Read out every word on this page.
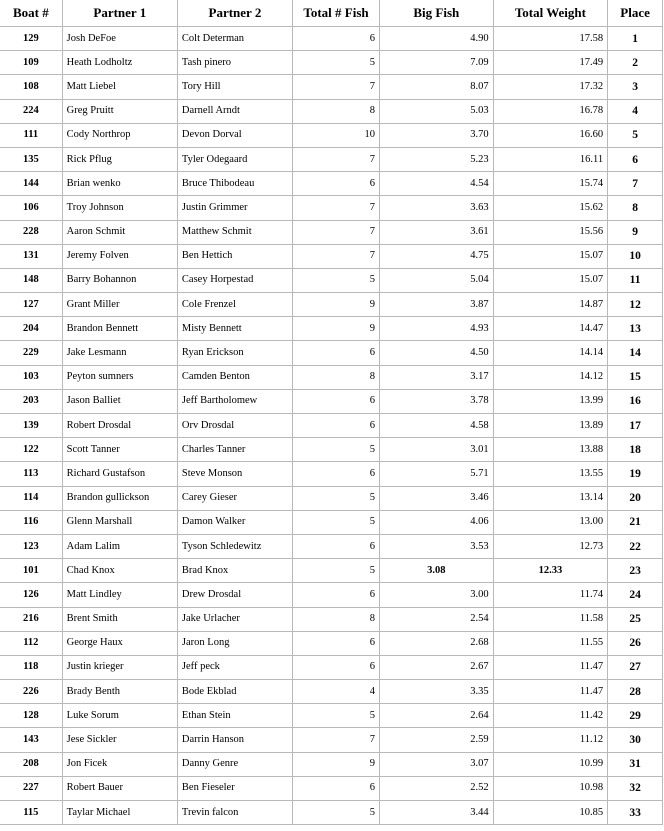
Boat #	Partner 1	Partner 2	Total # Fish	Big Fish	Total Weight	Place
129	Josh DeFoe	Colt Determan	6	4.90	17.58	1
109	Heath Lodholtz	Tash pinero	5	7.09	17.49	2
108	Matt Liebel	Tory Hill	7	8.07	17.32	3
224	Greg Pruitt	Darnell Arndt	8	5.03	16.78	4
111	Cody Northrop	Devon Dorval	10	3.70	16.60	5
135	Rick Pflug	Tyler Odegaard	7	5.23	16.11	6
144	Brian wenko	Bruce Thibodeau	6	4.54	15.74	7
106	Troy Johnson	Justin Grimmer	7	3.63	15.62	8
228	Aaron Schmit	Matthew Schmit	7	3.61	15.56	9
131	Jeremy Folven	Ben Hettich	7	4.75	15.07	10
148	Barry Bohannon	Casey Horpestad	5	5.04	15.07	11
127	Grant Miller	Cole Frenzel	9	3.87	14.87	12
204	Brandon Bennett	Misty Bennett	9	4.93	14.47	13
229	Jake Lesmann	Ryan Erickson	6	4.50	14.14	14
103	Peyton sumners	Camden Benton	8	3.17	14.12	15
203	Jason Balliet	Jeff Bartholomew	6	3.78	13.99	16
139	Robert Drosdal	Orv Drosdal	6	4.58	13.89	17
122	Scott Tanner	Charles Tanner	5	3.01	13.88	18
113	Richard Gustafson	Steve Monson	6	5.71	13.55	19
114	Brandon gullickson	Carey Gieser	5	3.46	13.14	20
116	Glenn Marshall	Damon Walker	5	4.06	13.00	21
123	Adam Lalim	Tyson Schledewitz	6	3.53	12.73	22
101	Chad Knox	Brad Knox	5	3.08	12.33	23
126	Matt Lindley	Drew Drosdal	6	3.00	11.74	24
216	Brent Smith	Jake Urlacher	8	2.54	11.58	25
112	George Haux	Jaron Long	6	2.68	11.55	26
118	Justin krieger	Jeff peck	6	2.67	11.47	27
226	Brady Benth	Bode Ekblad	4	3.35	11.47	28
128	Luke Sorum	Ethan Stein	5	2.64	11.42	29
143	Jese Sickler	Darrin Hanson	7	2.59	11.12	30
208	Jon Ficek	Danny Genre	9	3.07	10.99	31
227	Robert Bauer	Ben Fieseler	6	2.52	10.98	32
115	Taylar Michael	Trevin falcon	5	3.44	10.85	33
